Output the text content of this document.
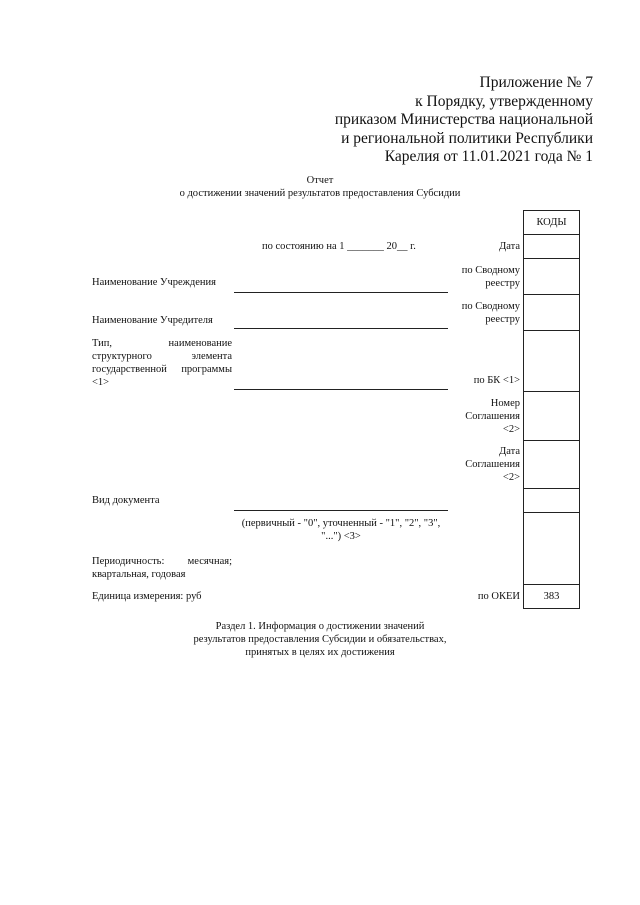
Приложение № 7
к Порядку, утвержденному
приказом Министерства национальной
и региональной политики Республики
Карелия от 11.01.2021 года № 1
Отчет
о достижении значений результатов предоставления Субсидии
по состоянию на 1 _______ 20__ г.
Наименование Учреждения
Наименование Учредителя
Тип, наименование структурного элемента государственной программы <1>
Вид документа
(первичный - "0", уточненный - "1", "2", "3", "...") <3>
Периодичность: месячная; квартальная, годовая
Единица измерения: руб
Дата
по Сводному реестру
по Сводному реестру
по БК <1>
Номер Соглашения <2>
Дата Соглашения <2>
по ОКЕИ
КОДЫ
383
Раздел 1. Информация о достижении значений
результатов предоставления Субсидии и обязательствах,
принятых в целях их достижения
